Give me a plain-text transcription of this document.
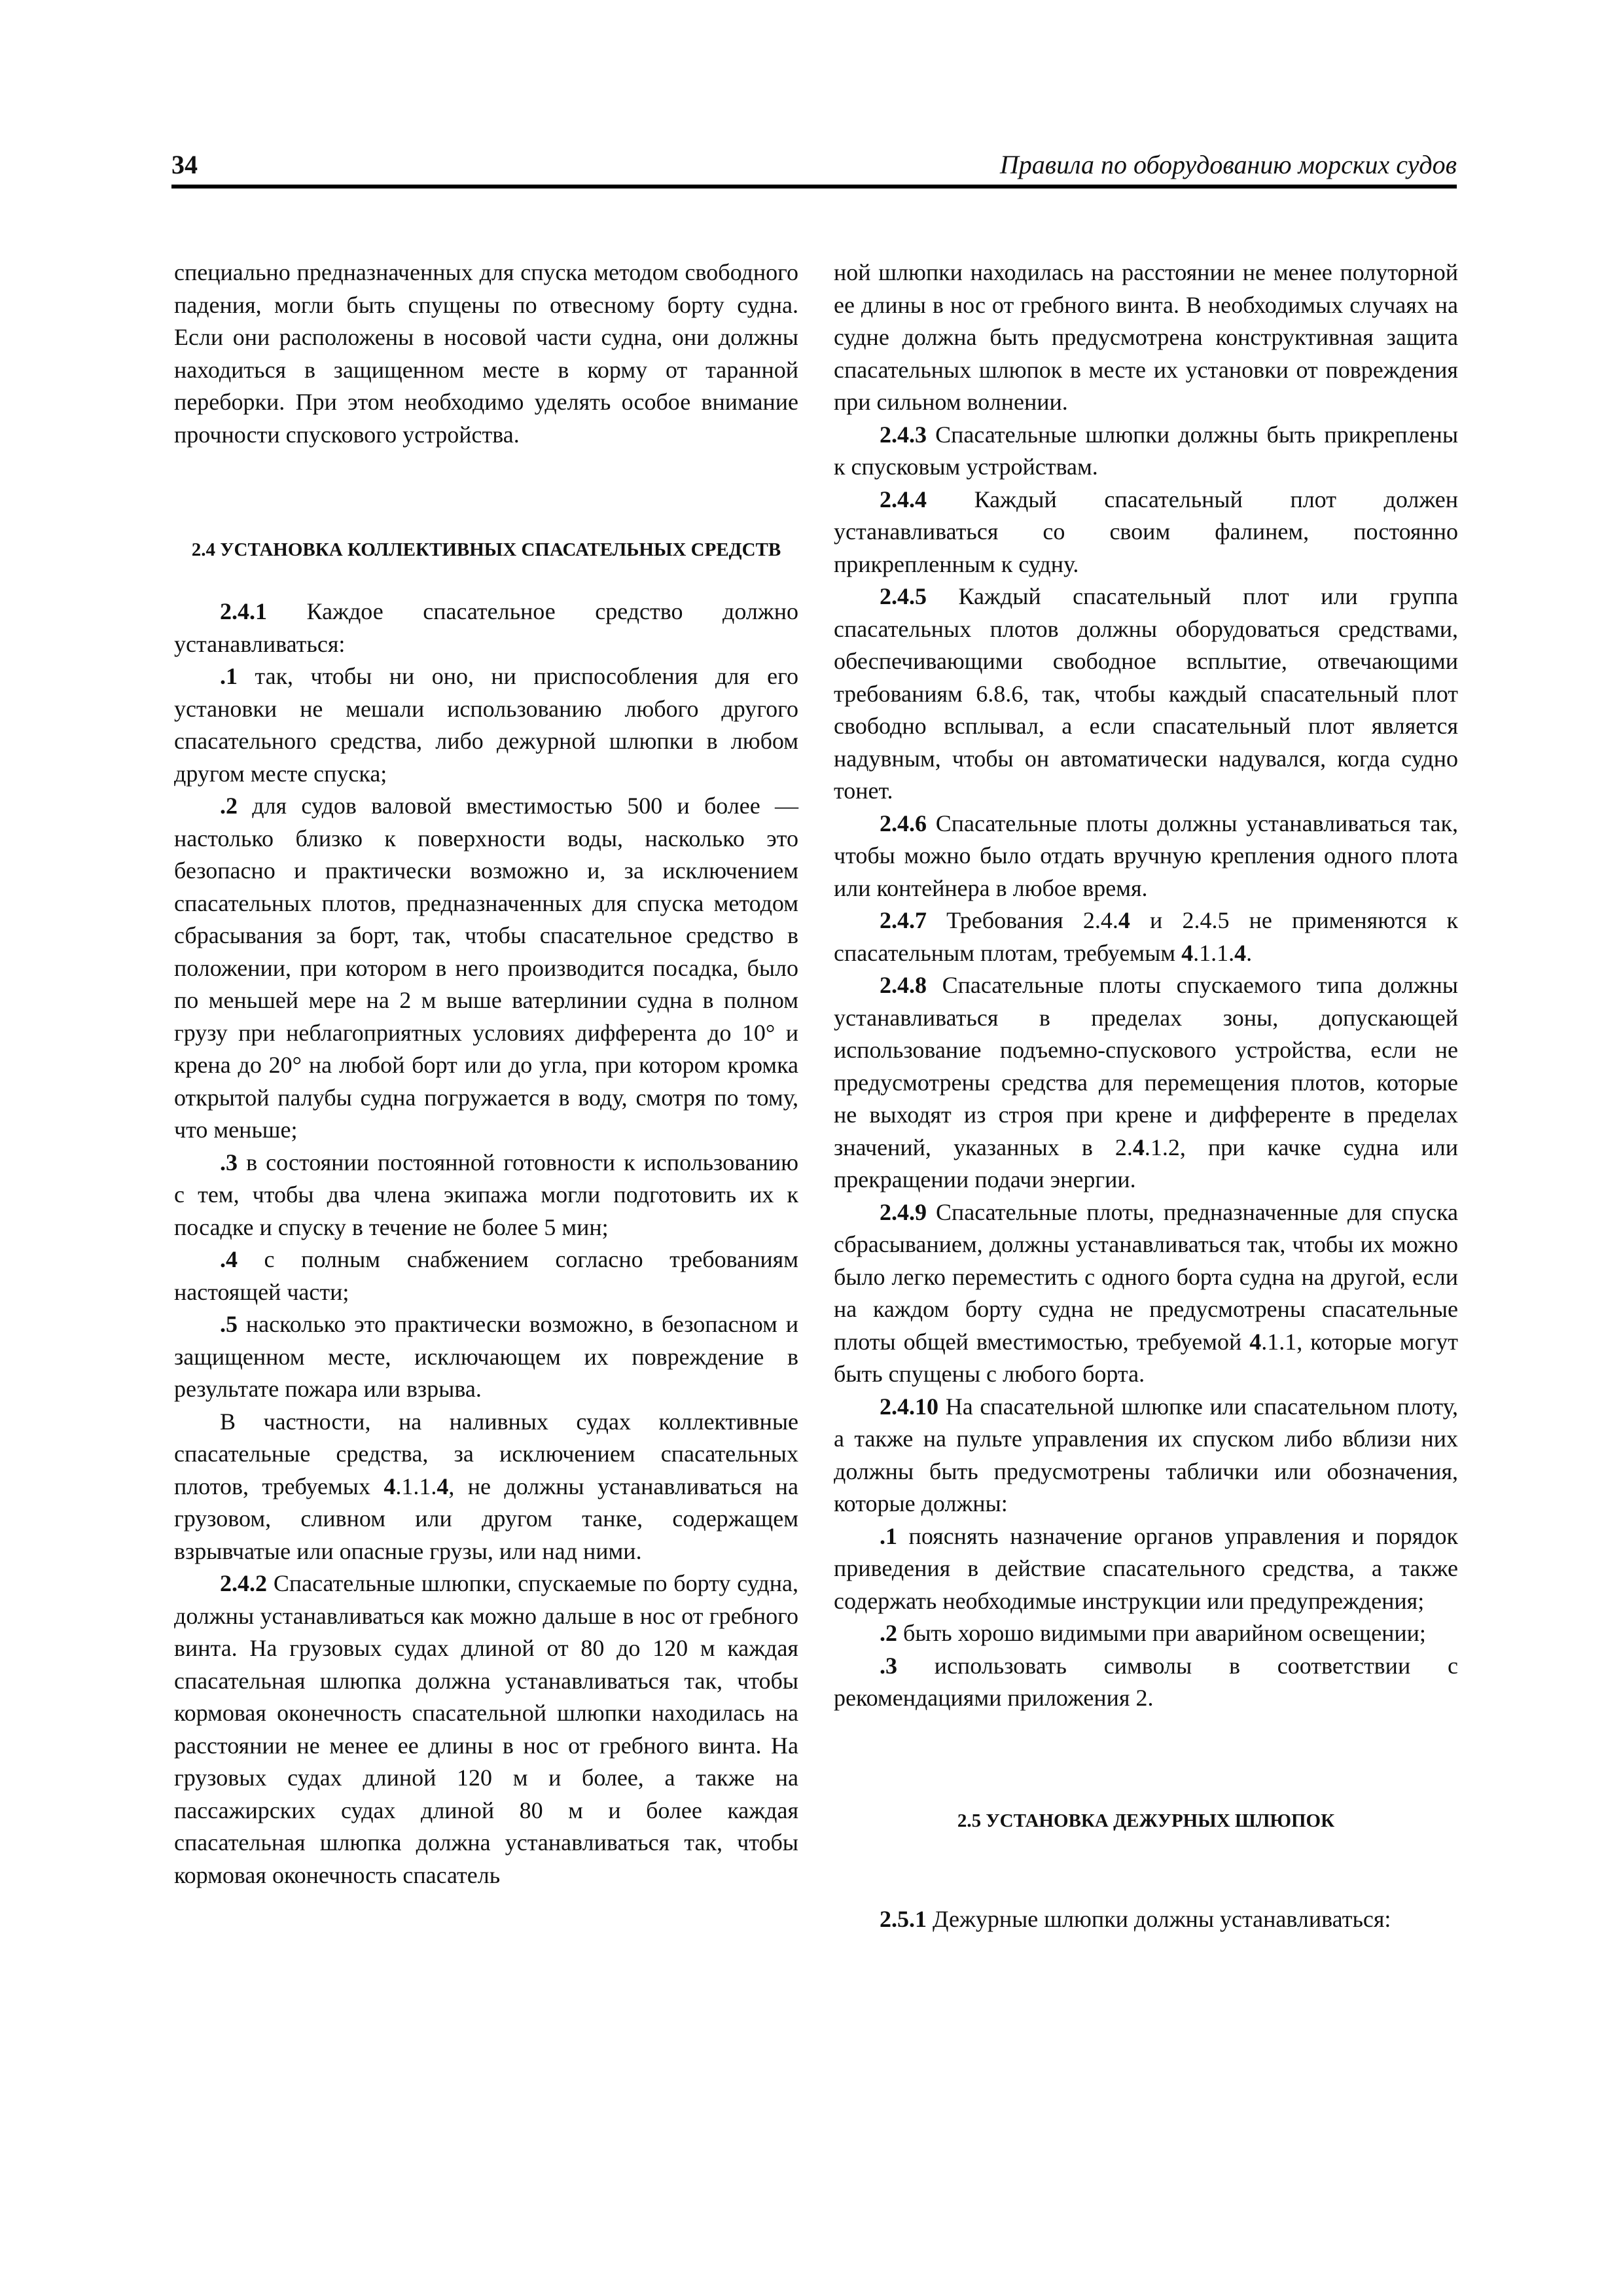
34	Правила по оборудованию морских судов

специально предназначенных для спуска методом свободного падения, могли быть спущены по отвесному борту судна. Если они расположены в носовой части судна, они должны находиться в защищенном месте в корму от таранной переборки. При этом необходимо уделять особое внимание прочности спускового устройства.

2.4 УСТАНОВКА КОЛЛЕКТИВНЫХ СПАСАТЕЛЬНЫХ СРЕДСТВ

2.4.1 Каждое спасательное средство должно устанавливаться:

.1 так, чтобы ни оно, ни приспособления для его установки не мешали использованию любого другого спасательного средства, либо дежурной шлюпки в любом другом месте спуска;

.2 для судов валовой вместимостью 500 и более — настолько близко к поверхности воды, насколько это безопасно и практически возможно и, за исключением спасательных плотов, предназначенных для спуска методом сбрасывания за борт, так, чтобы спасательное средство в положении, при котором в него производится посадка, было по меньшей мере на 2 м выше ватерлинии судна в полном грузу при неблагоприятных условиях дифферента до 10° и крена до 20° на любой борт или до угла, при котором кромка открытой палубы судна погружается в воду, смотря по тому, что меньше;

.3 в состоянии постоянной готовности к использованию с тем, чтобы два члена экипажа могли подготовить их к посадке и спуску в течение не более 5 мин;

.4 с полным снабжением согласно требованиям настоящей части;

.5 насколько это практически возможно, в безопасном и защищенном месте, исключающем их повреждение в результате пожара или взрыва.

В частности, на наливных судах коллективные спасательные средства, за исключением спасательных плотов, требуемых 4.1.1.4, не должны устанавливаться на грузовом, сливном или другом танке, содержащем взрывчатые или опасные грузы, или над ними.

2.4.2 Спасательные шлюпки, спускаемые по борту судна, должны устанавливаться как можно дальше в нос от гребного винта. На грузовых судах длиной от 80 до 120 м каждая спасательная шлюпка должна устанавливаться так, чтобы кормовая оконечность спасательной шлюпки находилась на расстоянии не менее ее длины в нос от гребного винта. На грузовых судах длиной 120 м и более, а также на пассажирских судах длиной 80 м и более каждая спасательная шлюпка должна устанавливаться так, чтобы кормовая оконечность спасатель

ной шлюпки находилась на расстоянии не менее полуторной ее длины в нос от гребного винта. В необходимых случаях на судне должна быть предусмотрена конструктивная защита спасательных шлюпок в месте их установки от повреждения при сильном волнении.

2.4.3 Спасательные шлюпки должны быть прикреплены к спусковым устройствам.

2.4.4 Каждый спасательный плот должен устанавливаться со своим фалинем, постоянно прикрепленным к судну.

2.4.5 Каждый спасательный плот или группа спасательных плотов должны оборудоваться средствами, обеспечивающими свободное всплытие, отвечающими требованиям 6.8.6, так, чтобы каждый спасательный плот свободно всплывал, а если спасательный плот является надувным, чтобы он автоматически надувался, когда судно тонет.

2.4.6 Спасательные плоты должны устанавливаться так, чтобы можно было отдать вручную крепления одного плота или контейнера в любое время.

2.4.7 Требования 2.4.4 и 2.4.5 не применяются к спасательным плотам, требуемым 4.1.1.4.

2.4.8 Спасательные плоты спускаемого типа должны устанавливаться в пределах зоны, допускающей использование подъемно-спускового устройства, если не предусмотрены средства для перемещения плотов, которые не выходят из строя при крене и дифференте в пределах значений, указанных в 2.4.1.2, при качке судна или прекращении подачи энергии.

2.4.9 Спасательные плоты, предназначенные для спуска сбрасыванием, должны устанавливаться так, чтобы их можно было легко переместить с одного борта судна на другой, если на каждом борту судна не предусмотрены спасательные плоты общей вместимостью, требуемой 4.1.1, которые могут быть спущены с любого борта.

2.4.10 На спасательной шлюпке или спасательном плоту, а также на пульте управления их спуском либо вблизи них должны быть предусмотрены таблички или обозначения, которые должны:

.1 пояснять назначение органов управления и порядок приведения в действие спасательного средства, а также содержать необходимые инструкции или предупреждения;

.2 быть хорошо видимыми при аварийном освещении;

.3 использовать символы в соответствии с рекомендациями приложения 2.

2.5 УСТАНОВКА ДЕЖУРНЫХ ШЛЮПОК

2.5.1 Дежурные шлюпки должны устанавливаться:
